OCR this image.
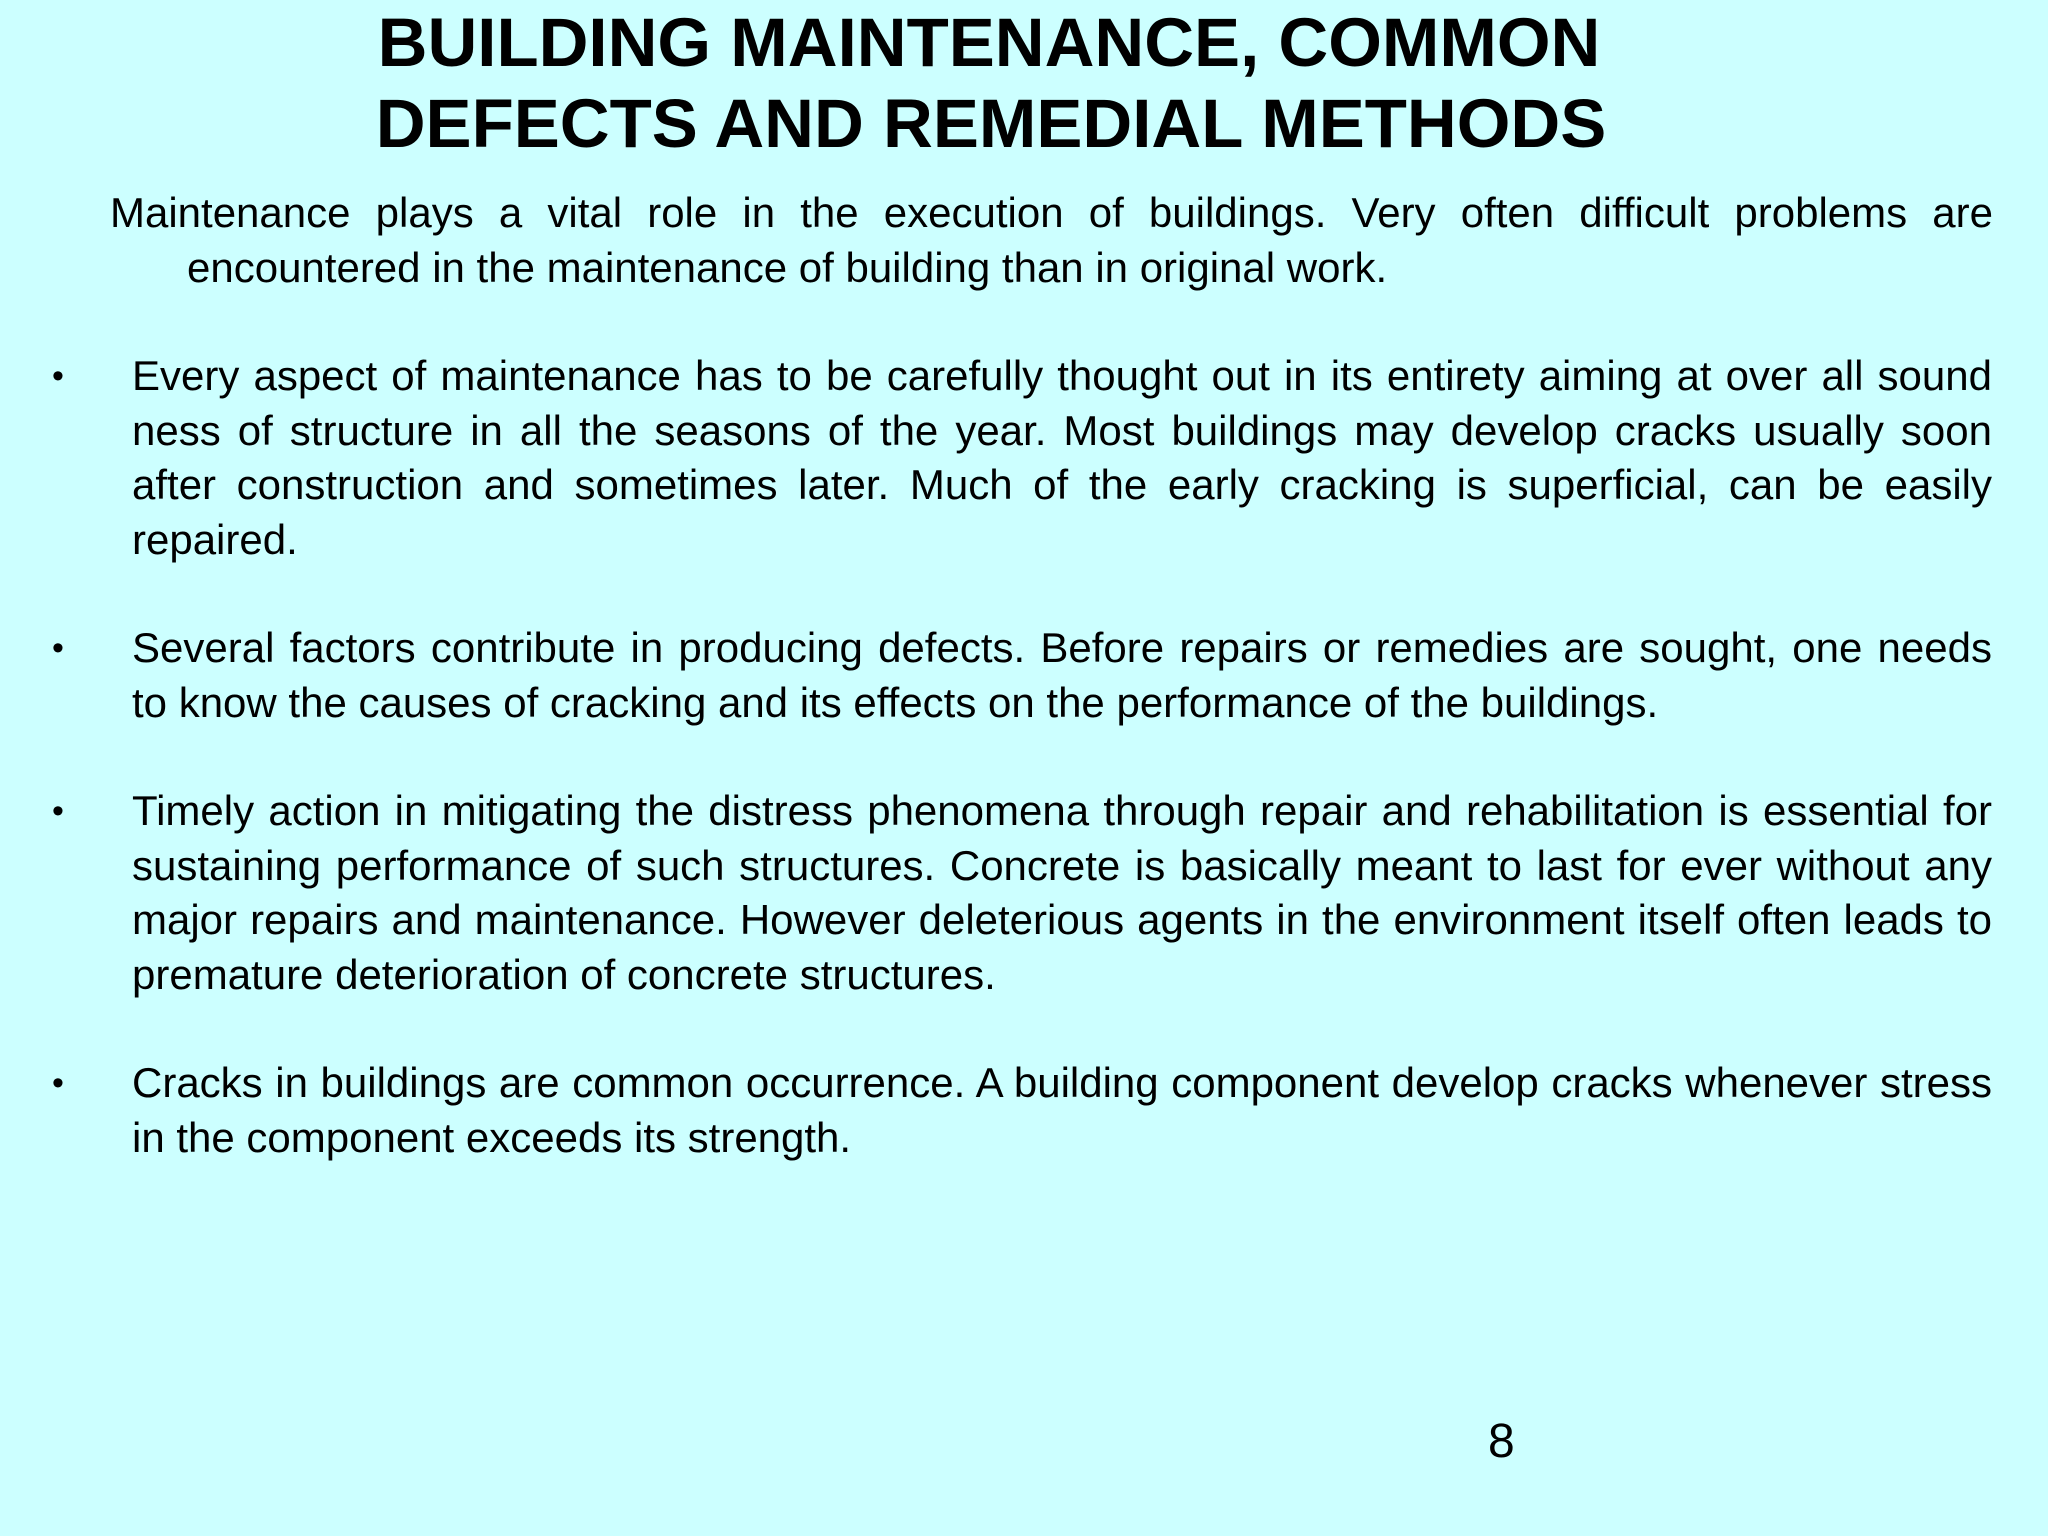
BUILDING MAINTENANCE, COMMON
DEFECTS AND REMEDIAL METHODS
Maintenance plays a vital role in the execution of buildings. Very often difficult problems are encountered in the maintenance of building than in original work.
• Every aspect of maintenance has to be carefully thought out in its entirety aiming at over all sound ness of structure in all the seasons of the year. Most buildings may develop cracks usually soon after construction and sometimes later. Much of the early cracking is superficial, can be easily repaired.
• Several factors contribute in producing defects. Before repairs or remedies are sought, one needs to know the causes of cracking and its effects on the performance of the buildings.
• Timely action in mitigating the distress phenomena through repair and rehabilitation is essential for sustaining performance of such structures. Concrete is basically meant to last for ever without any major repairs and maintenance. However deleterious agents in the environment itself often leads to premature deterioration of concrete structures.
• Cracks in buildings are common occurrence. A building component develop cracks whenever stress in the component exceeds its strength.
8
